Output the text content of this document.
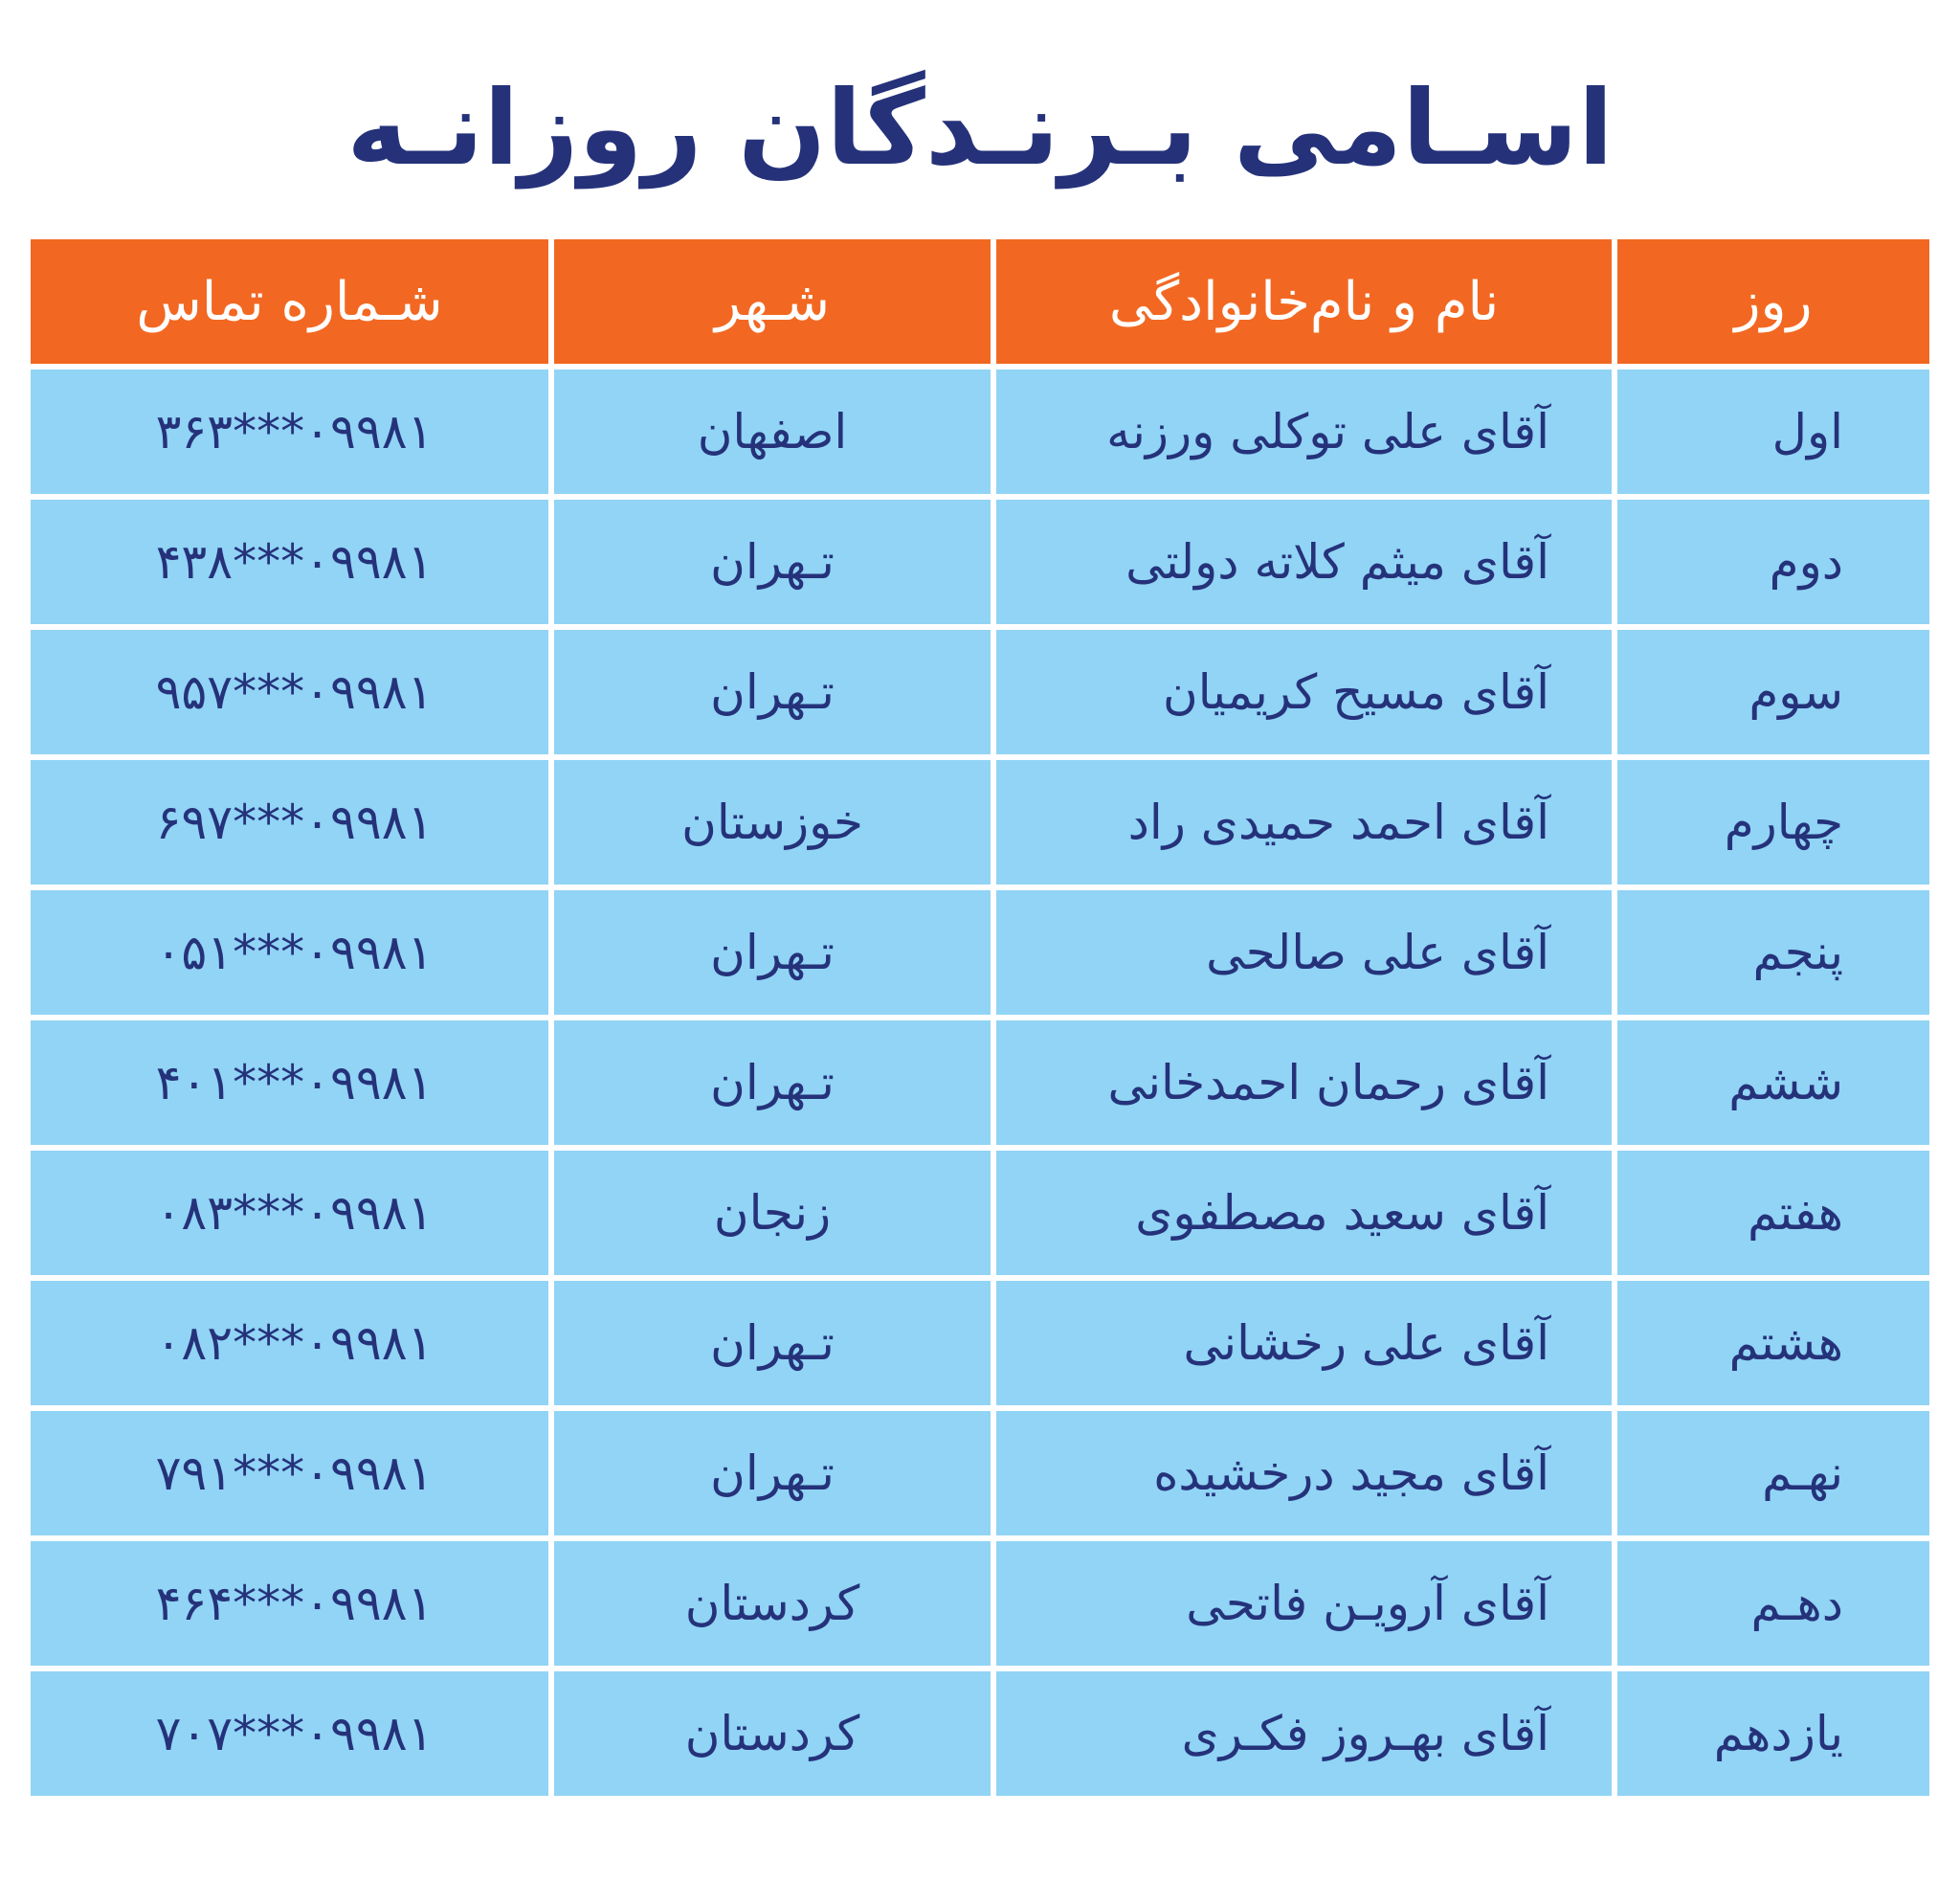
اسـامی بـرنـدگان روزانـه
شـماره تماس	شـهر	نام و نام‌خانوادگی	روز
۰۹۹۸۱***۳۶۳	اصفهان	آقای علی توکلی ورزنه	اول
۰۹۹۸۱***۴۳۸	تـهران	آقای میثم کلاته دولتی	دوم
۰۹۹۸۱***۹۵۷	تـهران	آقای مسیح کریمیان	سوم
۰۹۹۸۱***۶۹۷	خوزستان	آقای احمد حمیدی راد	چهارم
۰۹۹۸۱***۰۵۱	تـهران	آقای علی صالحی	پنجم
۰۹۹۸۱***۴۰۱	تـهران	آقای رحمان احمدخانی	ششم
۰۹۹۸۱***۰۸۳	زنجان	آقای سعید مصطفوی	هفتم
۰۹۹۸۱***۰۸۲	تـهران	آقای علی رخشانی	هشتم
۰۹۹۸۱***۷۹۱	تـهران	آقای مجید درخشیده	نهـم
۰۹۹۸۱***۴۶۴	کردستان	آقای آرویـن فاتحی	دهـم
۰۹۹۸۱***۷۰۷	کردستان	آقای بهـروز فکـری	یازدهم
